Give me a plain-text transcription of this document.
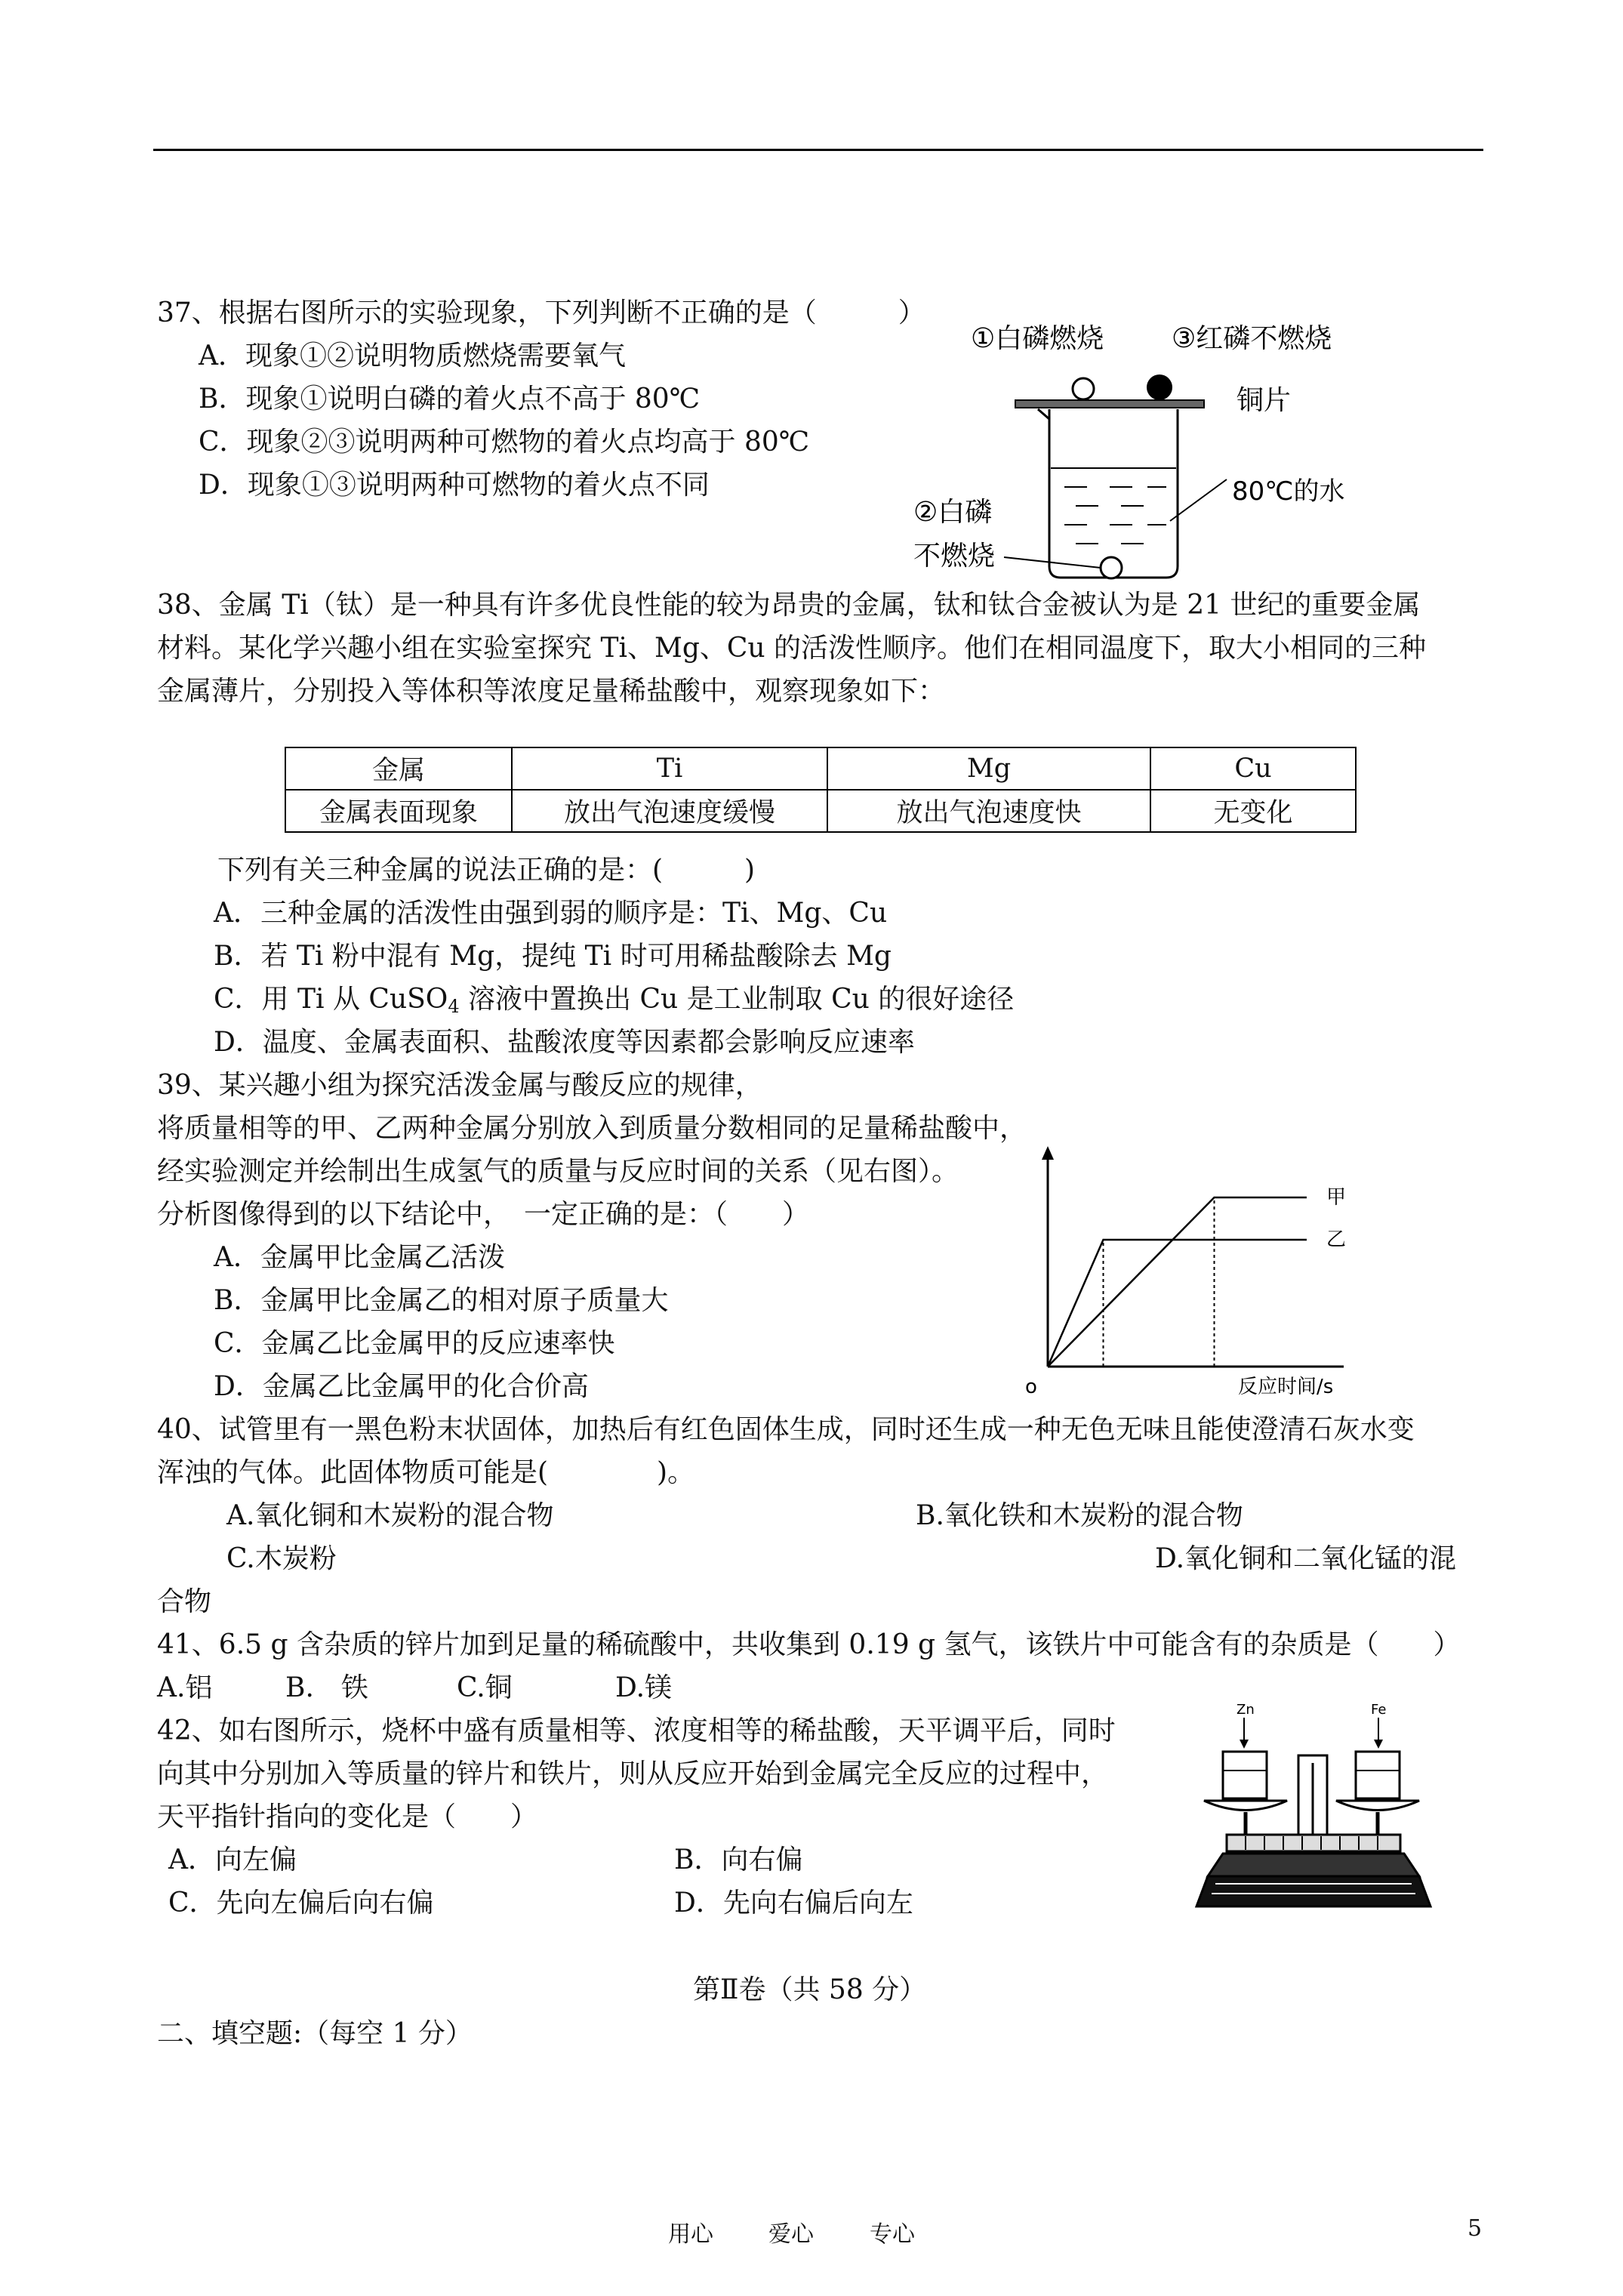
37、根据右图所示的实验现象，下列判断不正确的是（　　　）
A．现象①②说明物质燃烧需要氧气
B．现象①说明白磷的着火点不高于 80℃
C．现象②③说明两种可燃物的着火点均高于 80℃
D．现象①③说明两种可燃物的着火点不同
①白磷燃烧 ③红磷不燃烧
铜片
80℃的水
②白磷
不燃烧
38、金属 Ti（钛）是一种具有许多优良性能的较为昂贵的金属，钛和钛合金被认为是 21 世纪的重要金属
材料。某化学兴趣小组在实验室探究 Ti、Mg、Cu 的活泼性顺序。他们在相同温度下，取大小相同的三种
金属薄片，分别投入等体积等浓度足量稀盐酸中，观察现象如下：
金属	Ti	Mg	Cu
金属表面现象	放出气泡速度缓慢	放出气泡速度快	无变化
下列有关三种金属的说法正确的是：(　　　)
A．三种金属的活泼性由强到弱的顺序是：Ti、Mg、Cu
B．若 Ti 粉中混有 Mg，提纯 Ti 时可用稀盐酸除去 Mg
C．用 Ti 从 CuSO$_4$ 溶液中置换出 Cu 是工业制取 Cu 的很好途径
D．温度、金属表面积、盐酸浓度等因素都会影响反应速率
39、某兴趣小组为探究活泼金属与酸反应的规律，
将质量相等的甲、乙两种金属分别放入到质量分数相同的足量稀盐酸中，
经实验测定并绘制出生成氢气的质量与反应时间的关系（见右图）。
分析图像得到的以下结论中，　一定正确的是：（　　）
A．金属甲比金属乙活泼
B．金属甲比金属乙的相对原子质量大
C．金属乙比金属甲的反应速率快
D．金属乙比金属甲的化合价高	o	反应时间/s
甲
乙
40、试管里有一黑色粉末状固体，加热后有红色固体生成，同时还生成一种无色无味且能使澄清石灰水变
浑浊的气体。此固体物质可能是(　　　　)。
A.氧化铜和木炭粉的混合物	B.氧化铁和木炭粉的混合物
C.木炭粉	D.氧化铜和二氧化锰的混
合物
41、6.5 g 含杂质的锌片加到足量的稀硫酸中，共收集到 0.19 g 氢气，该铁片中可能含有的杂质是（　　）
A.铝	B.　铁	C.铜	D.镁
42、如右图所示，烧杯中盛有质量相等、浓度相等的稀盐酸，天平调平后，同时
向其中分别加入等质量的锌片和铁片，则从反应开始到金属完全反应的过程中，
天平指针指向的变化是（　　）
A．向左偏	B．向右偏
C．先向左偏后向右偏	D．先向右偏后向左
Zn	Fe
第Ⅱ卷（共 58 分）
二、填空题:（每空 1 分）
用心 爱心 专心	5
